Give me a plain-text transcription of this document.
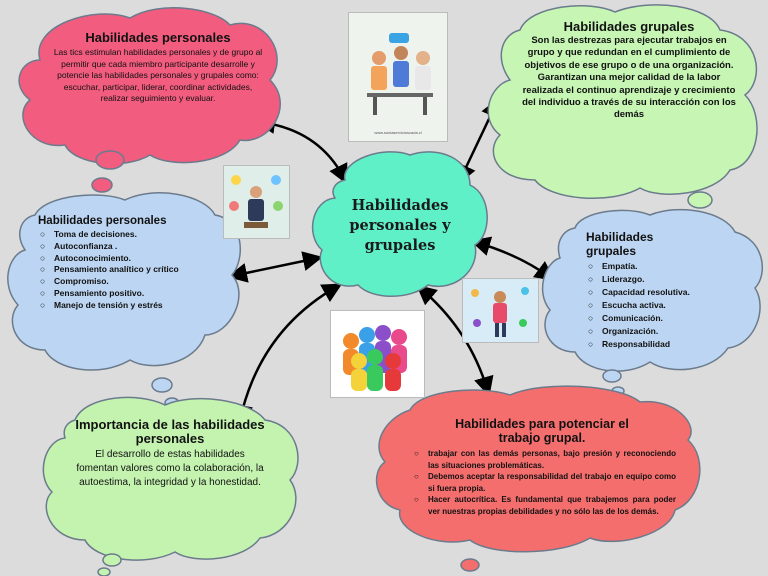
www.soniaservicioscada.cl
Habilidades
personales y
grupales
Habilidades personales
Las tics estimulan habilidades personales y de grupo al permitir que cada miembro participante desarrolle y potencie las habilidades personales y grupales como: escuchar, participar, liderar, coordinar actividades, realizar seguimiento y evaluar.
Habilidades grupales
Son las destrezas para ejecutar trabajos en grupo y que redundan en el cumplimiento de objetivos de ese grupo o de una organización.
Garantizan una mejor calidad de la labor realizada el continuo aprendizaje y crecimiento del individuo a través de su interacción con los demás
Habilidades personales
○ Toma de decisiones.
○ Autoconfianza .
○ Autoconocimiento.
○ Pensamiento analítico y crítico
○ Compromiso.
○ Pensamiento positivo.
○ Manejo de tensión y estrés
Habilidades grupales
○ Empatía.
○ Liderazgo.
○ Capacidad resolutiva.
○ Escucha activa.
○ Comunicación.
○ Organización.
○ Responsabilidad
Importancia de las habilidades personales
El desarrollo de estas habilidades fomentan valores como la colaboración, la autoestima, la integridad y la honestidad.
Habilidades para potenciar el trabajo grupal.
○ trabajar con las demás personas, bajo presión y reconociendo las situaciones problemáticas.
○ Debemos aceptar la responsabilidad del trabajo en equipo como si fuera propia.
○ Hacer autocrítica. Es fundamental que trabajemos para poder ver nuestras propias debilidades y no sólo las de los demás.
